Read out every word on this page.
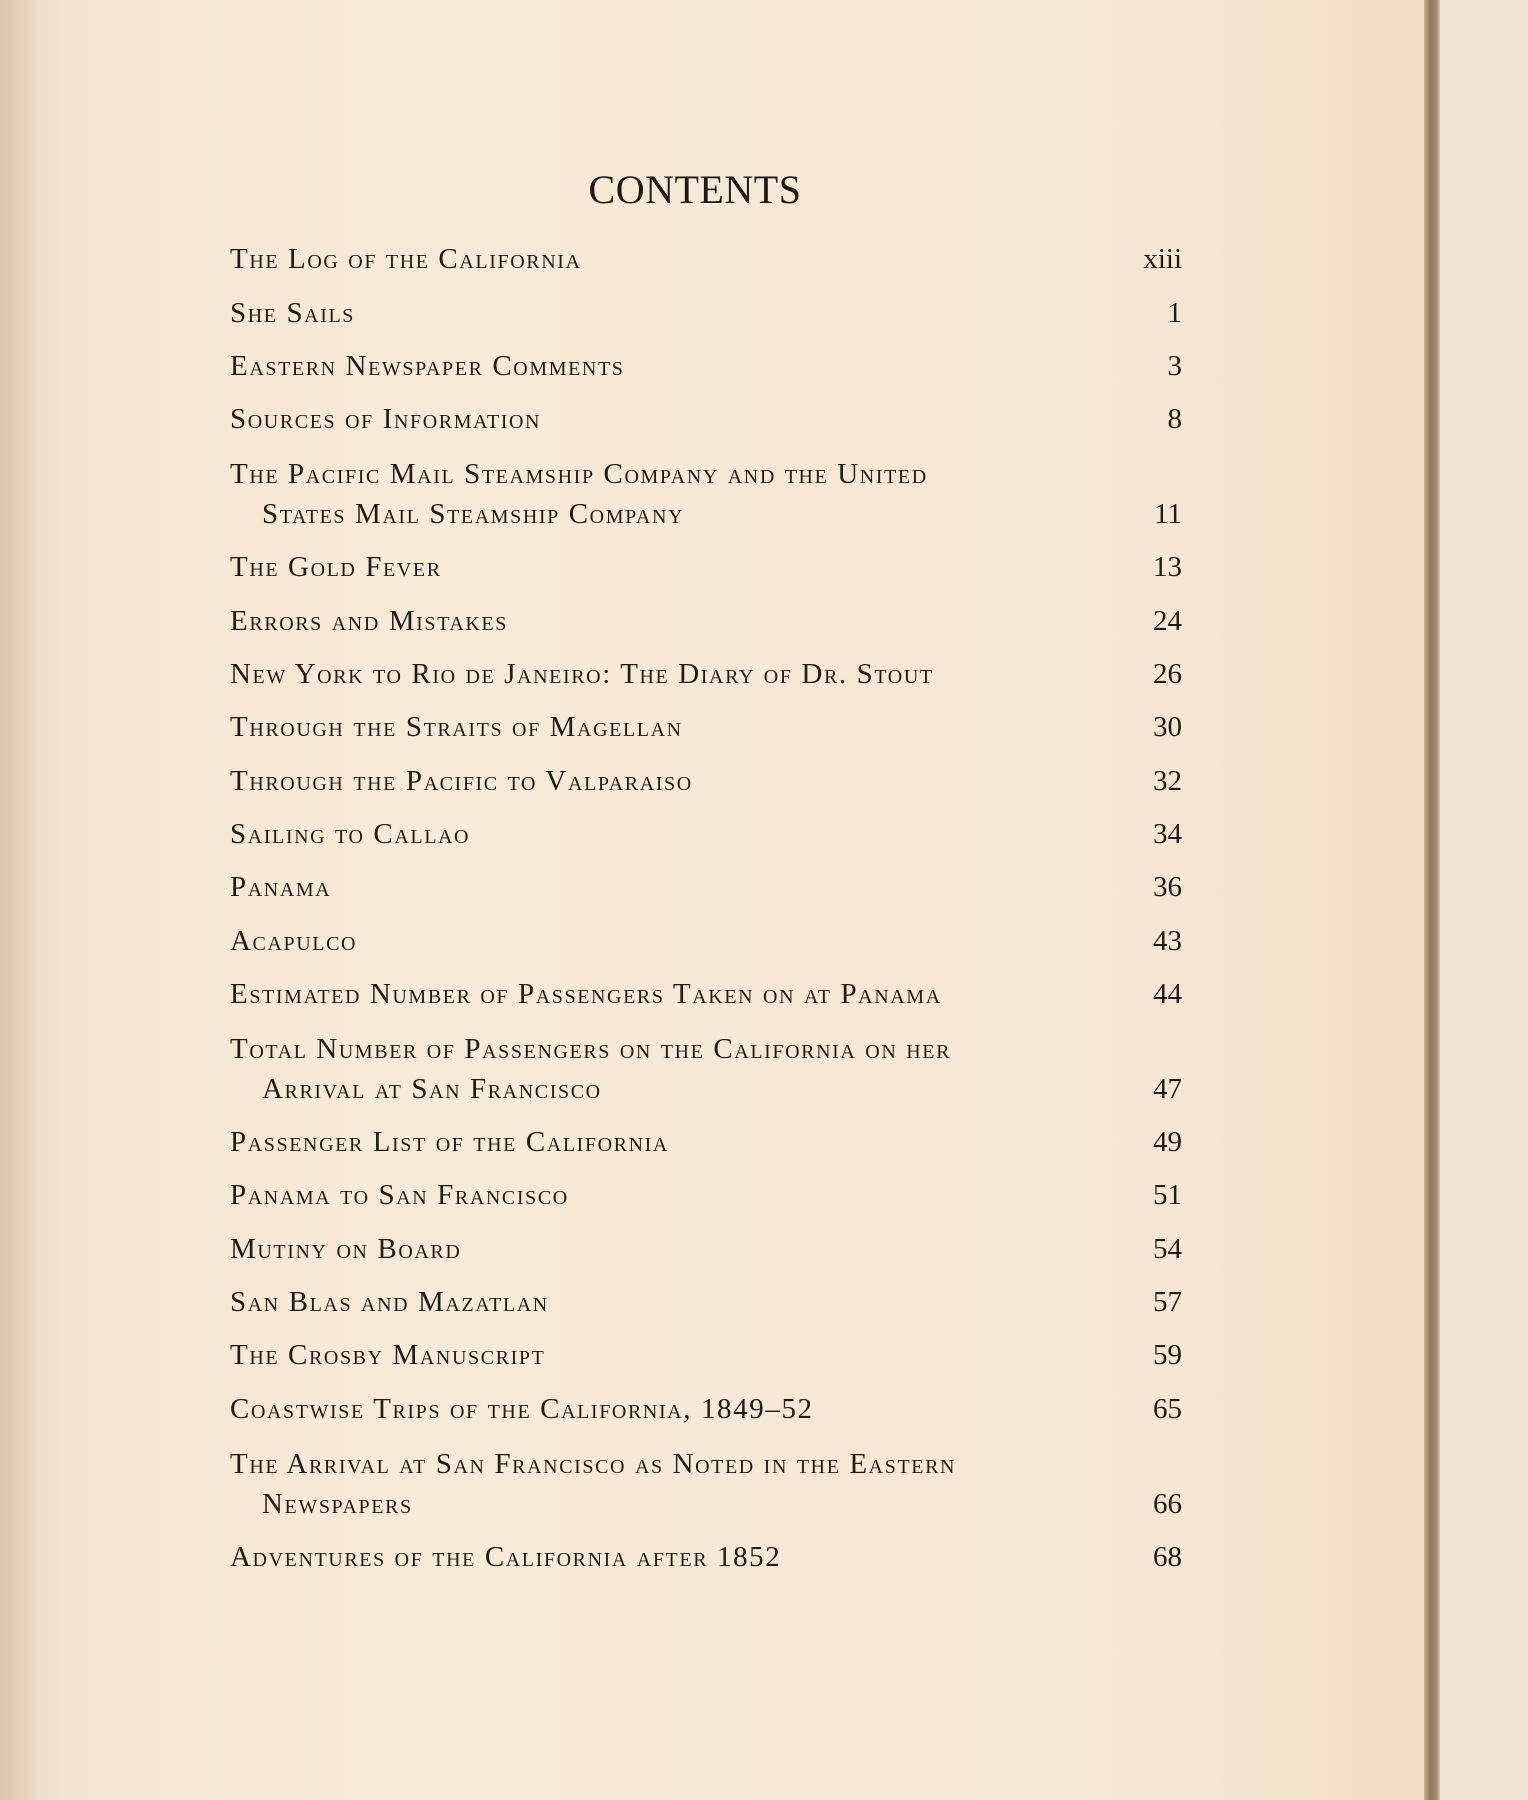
CONTENTS
The Log of the California	xiii
She Sails	1
Eastern Newspaper Comments	3
Sources of Information	8
The Pacific Mail Steamship Company and the United
States Mail Steamship Company	11
The Gold Fever	13
Errors and Mistakes	24
New York to Rio de Janeiro: The Diary of Dr. Stout	26
Through the Straits of Magellan	30
Through the Pacific to Valparaiso	32
Sailing to Callao	34
Panama	36
Acapulco	43
Estimated Number of Passengers Taken on at Panama	44
Total Number of Passengers on the California on her
Arrival at San Francisco	47
Passenger List of the California	49
Panama to San Francisco	51
Mutiny on Board	54
San Blas and Mazatlan	57
The Crosby Manuscript	59
Coastwise Trips of the California, 1849–52	65
The Arrival at San Francisco as Noted in the Eastern
Newspapers	66
Adventures of the California after 1852	68
